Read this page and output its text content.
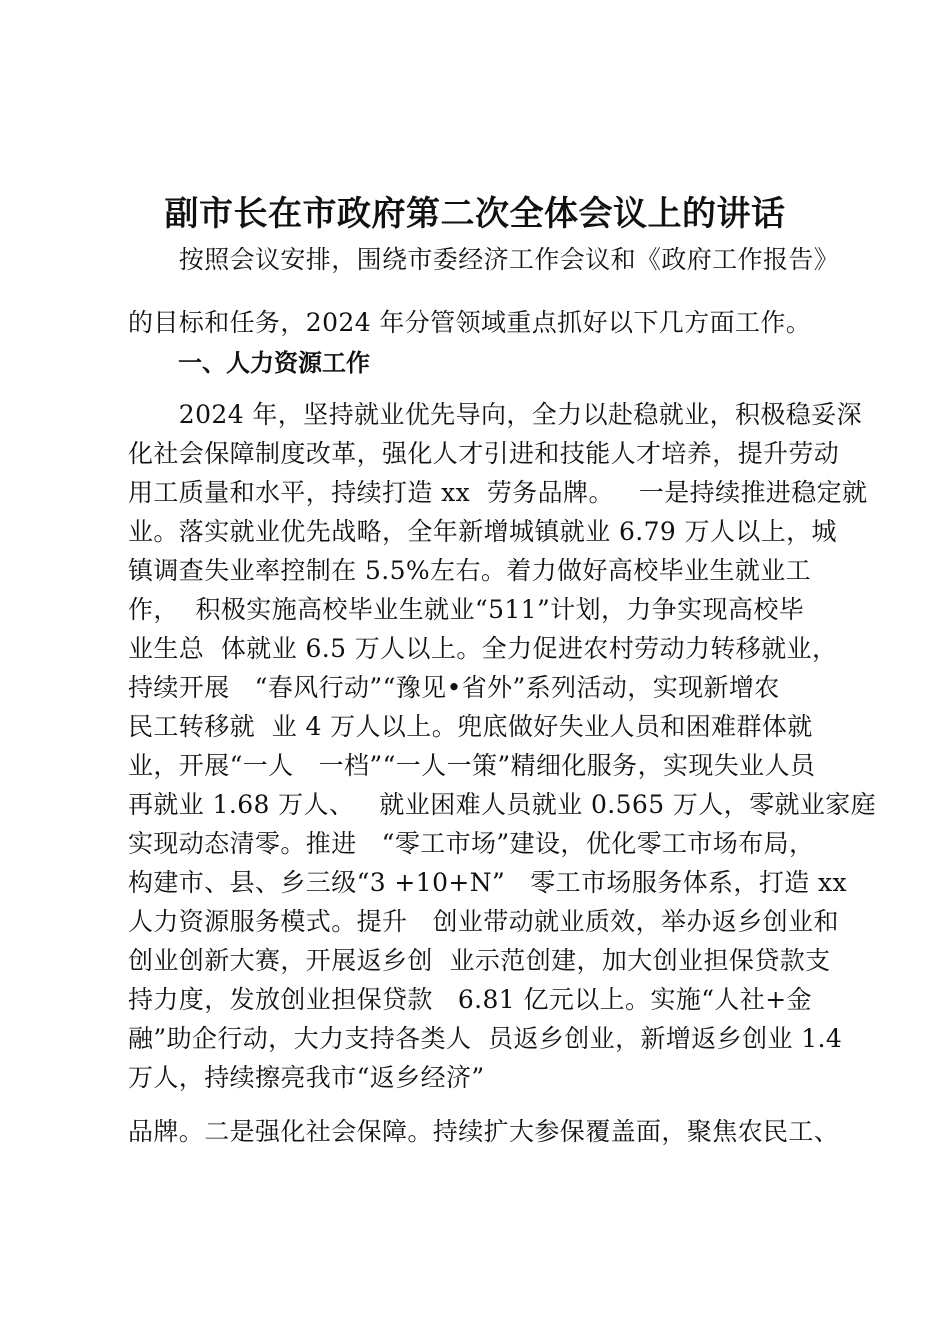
副市长在市政府第二次全体会议上的讲话
　　按照会议安排，围绕市委经济工作会议和《政府工作报告》
的目标和任务，2024 年分管领域重点抓好以下几方面工作。
一、人力资源工作
　　2024 年，坚持就业优先导向，全力以赴稳就业，积极稳妥深
化社会保障制度改革，强化人才引进和技能人才培养，提升劳动
用工质量和水平，持续打造 xx  劳务品牌。   一是持续推进稳定就
业。落实就业优先战略，全年新增城镇就业 6.79 万人以上，城
镇调查失业率控制在 5.5%左右。着力做好高校毕业生就业工
作，  积极实施高校毕业生就业“511”计划，力争实现高校毕
业生总  体就业 6.5 万人以上。全力促进农村劳动力转移就业，
持续开展   “春风行动”“豫见•省外”系列活动，实现新增农
民工转移就  业 4 万人以上。兜底做好失业人员和困难群体就
业，开展“一人   一档”“一人一策”精细化服务，实现失业人员
再就业 1.68 万人、   就业困难人员就业 0.565 万人，零就业家庭
实现动态清零。推进   “零工市场”建设，优化零工市场布局，
构建市、县、乡三级“3 +10+N”   零工市场服务体系，打造 xx
人力资源服务模式。提升   创业带动就业质效，举办返乡创业和
创业创新大赛，开展返乡创  业示范创建，加大创业担保贷款支
持力度，发放创业担保贷款   6.81 亿元以上。实施“人社+金
融”助企行动，大力支持各类人  员返乡创业，新增返乡创业 1.4
万人，持续擦亮我市“返乡经济”
品牌。二是强化社会保障。持续扩大参保覆盖面，聚焦农民工、
